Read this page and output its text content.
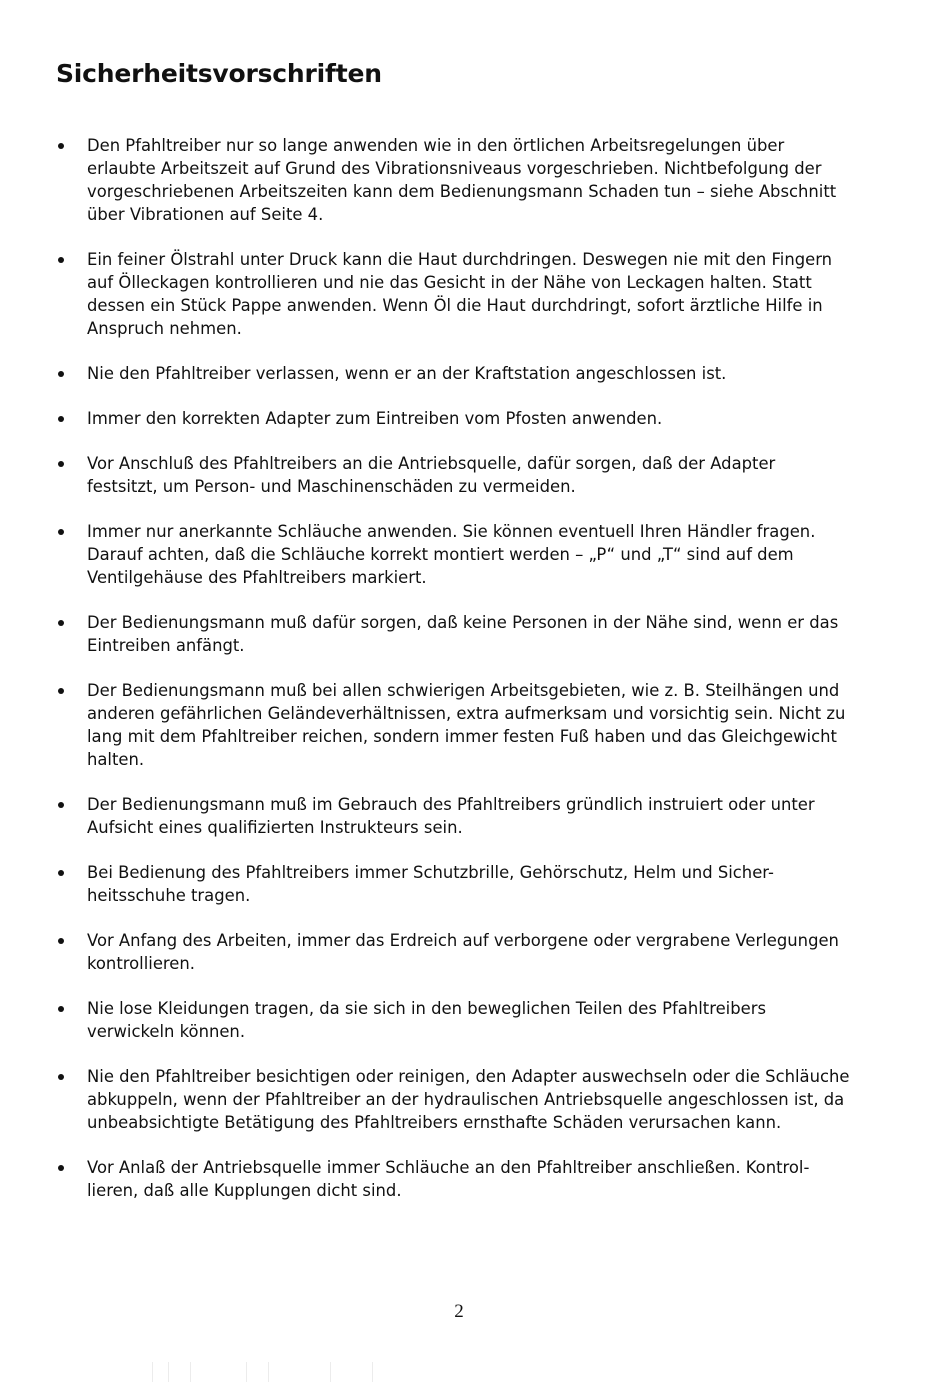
Sicherheitsvorschriften
Den Pfahltreiber nur so lange anwenden wie in den örtlichen Arbeitsregelungen über
erlaubte Arbeitszeit auf Grund des Vibrationsniveaus vorgeschrieben. Nichtbefolgung der
vorgeschriebenen Arbeitszeiten kann dem Bedienungsmann Schaden tun – siehe Abschnitt
über Vibrationen auf Seite 4.
Ein feiner Ölstrahl unter Druck kann die Haut durchdringen. Deswegen nie mit den Fingern
auf Ölleckagen kontrollieren und nie das Gesicht in der Nähe von Leckagen halten. Statt
dessen ein Stück Pappe anwenden. Wenn Öl die Haut durchdringt, sofort ärztliche Hilfe in
Anspruch nehmen.
Nie den Pfahltreiber verlassen, wenn er an der Kraftstation angeschlossen ist.
Immer den korrekten Adapter zum Eintreiben vom Pfosten anwenden.
Vor Anschluß des Pfahltreibers an die Antriebsquelle, dafür sorgen, daß der Adapter
festsitzt, um Person- und Maschinenschäden zu vermeiden.
Immer nur anerkannte Schläuche anwenden. Sie können eventuell Ihren Händler fragen.
Darauf achten, daß die Schläuche korrekt montiert werden – „P“ und „T“ sind auf dem
Ventilgehäuse des Pfahltreibers markiert.
Der Bedienungsmann muß dafür sorgen, daß keine Personen in der Nähe sind, wenn er das
Eintreiben anfängt.
Der Bedienungsmann muß bei allen schwierigen Arbeitsgebieten, wie z. B. Steilhängen und
anderen gefährlichen Geländeverhältnissen, extra aufmerksam und vorsichtig sein. Nicht zu
lang mit dem Pfahltreiber reichen, sondern immer festen Fuß haben und das Gleichgewicht
halten.
Der Bedienungsmann muß im Gebrauch des Pfahltreibers gründlich instruiert oder unter
Aufsicht eines qualifizierten Instrukteurs sein.
Bei Bedienung des Pfahltreibers immer Schutzbrille, Gehörschutz, Helm und Sicher-
heitsschuhe tragen.
Vor Anfang des Arbeiten, immer das Erdreich auf verborgene oder vergrabene Verlegungen
kontrollieren.
Nie lose Kleidungen tragen, da sie sich in den beweglichen Teilen des Pfahltreibers
verwickeln können.
Nie den Pfahltreiber besichtigen oder reinigen, den Adapter auswechseln oder die Schläuche
abkuppeln, wenn der Pfahltreiber an der hydraulischen Antriebsquelle angeschlossen ist, da
unbeabsichtigte Betätigung des Pfahltreibers ernsthafte Schäden verursachen kann.
Vor Anlaß der Antriebsquelle immer Schläuche an den Pfahltreiber anschließen. Kontrol-
lieren, daß alle Kupplungen dicht sind.
2
